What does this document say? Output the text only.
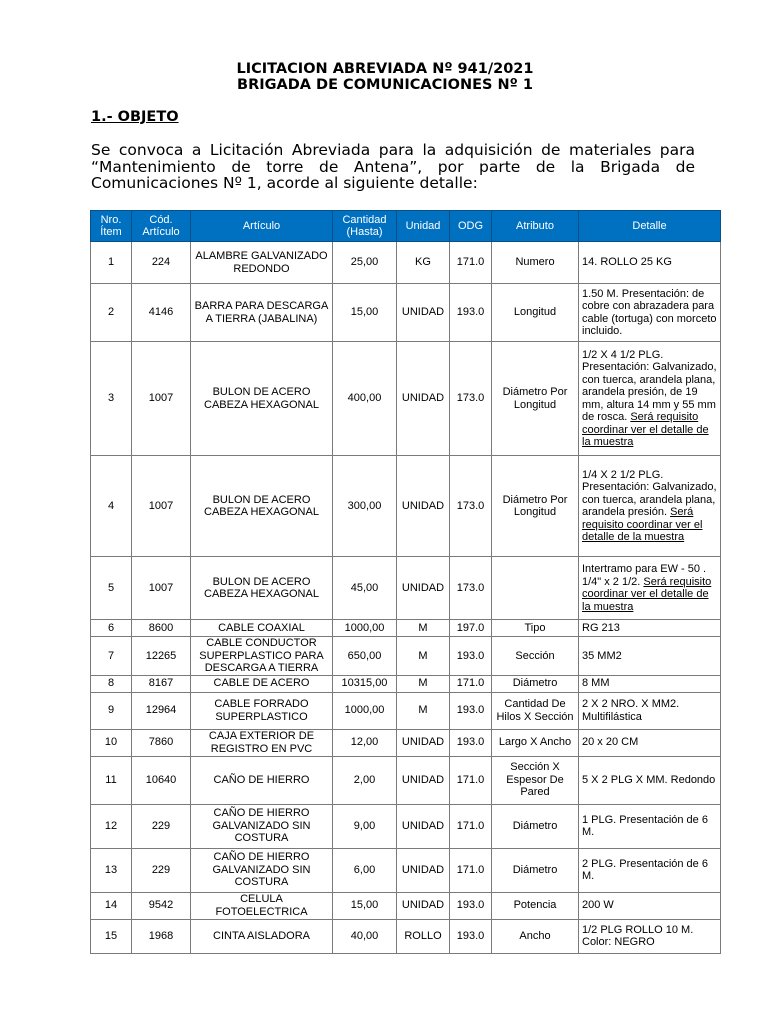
LICITACION ABREVIADA Nº 941/2021
BRIGADA DE COMUNICACIONES Nº 1
1.- OBJETO
Se convoca a Licitación Abreviada para la adquisición de materiales para “Mantenimiento de torre de Antena”, por parte de la Brigada de Comunicaciones Nº 1, acorde al siguiente detalle:
Nro. Ítem	Cód. Artículo	Artículo	Cantidad (Hasta)	Unidad	ODG	Atributo	Detalle
1	224	ALAMBRE GALVANIZADO REDONDO	25,00	KG	171.0	Numero	14. ROLLO 25 KG
2	4146	BARRA PARA DESCARGA A TIERRA (JABALINA)	15,00	UNIDAD	193.0	Longitud	1.50 M. Presentación: de cobre con abrazadera para cable (tortuga) con morceto incluido.
3	1007	BULON DE ACERO CABEZA HEXAGONAL	400,00	UNIDAD	173.0	Diámetro Por Longitud	1/2 X 4 1/2 PLG. Presentación: Galvanizado, con tuerca, arandela plana, arandela presión, de 19 mm, altura 14 mm y 55 mm de rosca. Será requisito coordinar ver el detalle de la muestra
4	1007	BULON DE ACERO CABEZA HEXAGONAL	300,00	UNIDAD	173.0	Diámetro Por Longitud	1/4 X 2 1/2 PLG. Presentación: Galvanizado, con tuerca, arandela plana, arandela presión. Será requisito coordinar ver el detalle de la muestra
5	1007	BULON DE ACERO CABEZA HEXAGONAL	45,00	UNIDAD	173.0		Intertramo para EW - 50 . 1/4" x 2 1/2. Será requisito coordinar ver el detalle de la muestra
6	8600	CABLE COAXIAL	1000,00	M	197.0	Tipo	RG 213
7	12265	CABLE CONDUCTOR SUPERPLASTICO PARA DESCARGA A TIERRA	650,00	M	193.0	Sección	35 MM2
8	8167	CABLE DE ACERO	10315,00	M	171.0	Diámetro	8 MM
9	12964	CABLE FORRADO SUPERPLASTICO	1000,00	M	193.0	Cantidad De Hilos X Sección	2 X 2 NRO. X MM2. Multifilástica
10	7860	CAJA EXTERIOR DE REGISTRO EN PVC	12,00	UNIDAD	193.0	Largo X Ancho	20 x 20 CM
11	10640	CAÑO DE HIERRO	2,00	UNIDAD	171.0	Sección X Espesor De Pared	5 X 2 PLG X MM. Redondo
12	229	CAÑO DE HIERRO GALVANIZADO SIN COSTURA	9,00	UNIDAD	171.0	Diámetro	1 PLG. Presentación de 6 M.
13	229	CAÑO DE HIERRO GALVANIZADO SIN COSTURA	6,00	UNIDAD	171.0	Diámetro	2 PLG. Presentación de 6 M.
14	9542	CELULA FOTOELECTRICA	15,00	UNIDAD	193.0	Potencia	200 W
15	1968	CINTA AISLADORA	40,00	ROLLO	193.0	Ancho	1/2 PLG ROLLO 10 M. Color: NEGRO
